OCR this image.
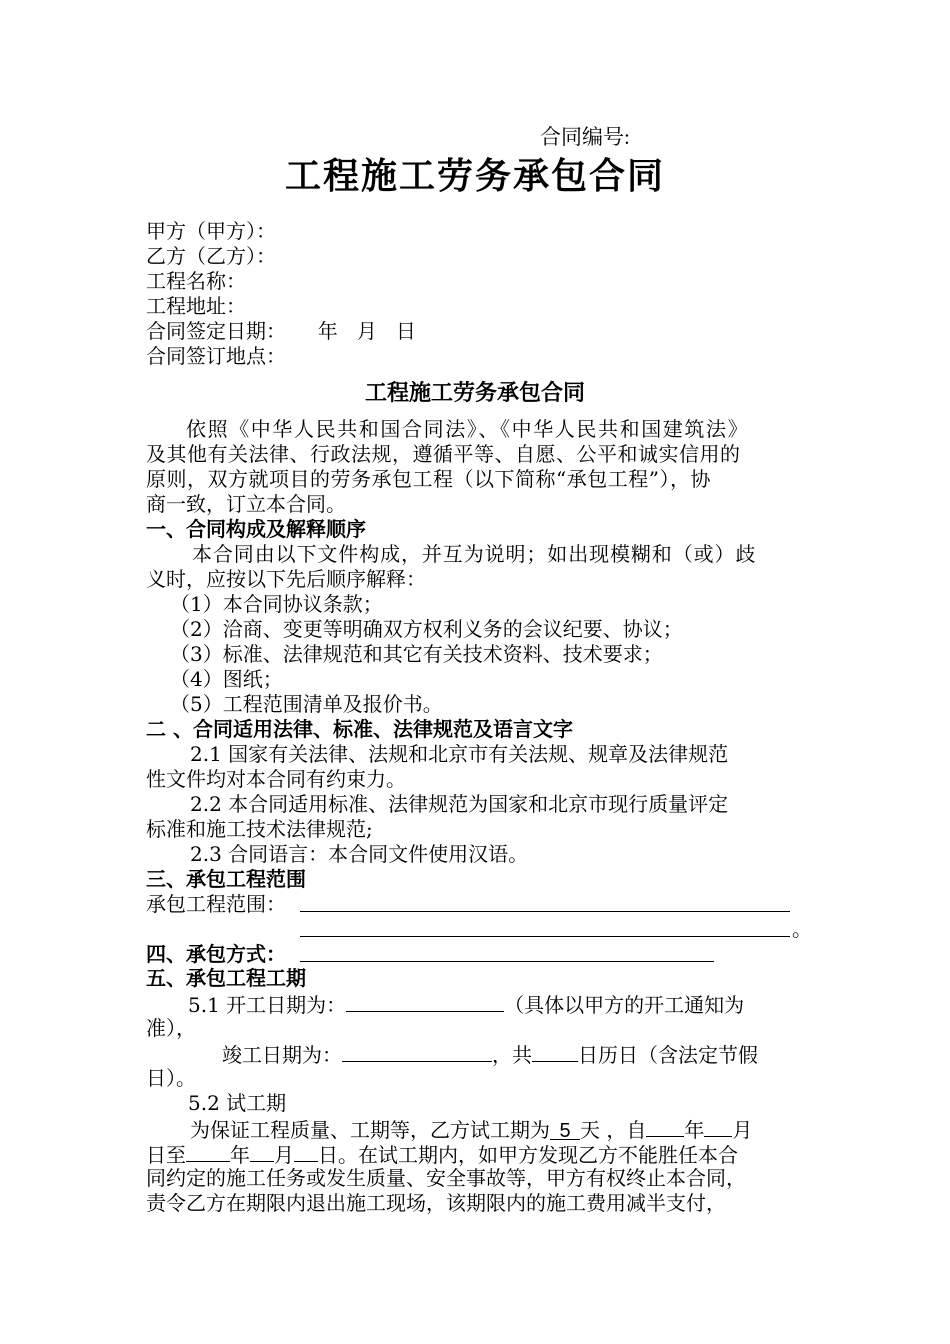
合同编号:
工程施工劳务承包合同
甲方（甲方）：
乙方（乙方）：
工程名称：
工程地址：
合同签定日期：     年   月   日
合同签订地点：
工程施工劳务承包合同
依照《中华人民共和国合同法》、《中华人民共和国建筑法》
及其他有关法律、行政法规，遵循平等、自愿、公平和诚实信用的
原则，双方就项目的劳务承包工程（以下简称“承包工程”），协
商一致，订立本合同。
一、合同构成及解释顺序
本合同由以下文件构成，并互为说明；如出现模糊和（或）歧
义时，应按以下先后顺序解释：
（1）本合同协议条款；
（2）洽商、变更等明确双方权利义务的会议纪要、协议；
（3）标准、法律规范和其它有关技术资料、技术要求；
（4）图纸；
（5）工程范围清单及报价书。
二 、合同适用法律、标准、法律规范及语言文字
2.1 国家有关法律、法规和北京市有关法规、规章及法律规范
性文件均对本合同有约束力。
2.2 本合同适用标准、法律规范为国家和北京市现行质量评定
标准和施工技术法律规范;
2.3 合同语言：本合同文件使用汉语。
三、承包工程范围
承包工程范围：
。
四、承包方式：
五、承包工程工期
5.1 开工日期为：	（具体以甲方的开工通知为
准），
竣工日期为：	，共 日历日（含法定节假
日）。
5.2 试工期
为保证工程质量、工期等，乙方试工期为 5 天 ，自 年 月
日至 年 月 日。在试工期内，如甲方发现乙方不能胜任本合
同约定的施工任务或发生质量、安全事故等，甲方有权终止本合同，
责令乙方在期限内退出施工现场，该期限内的施工费用减半支付，
